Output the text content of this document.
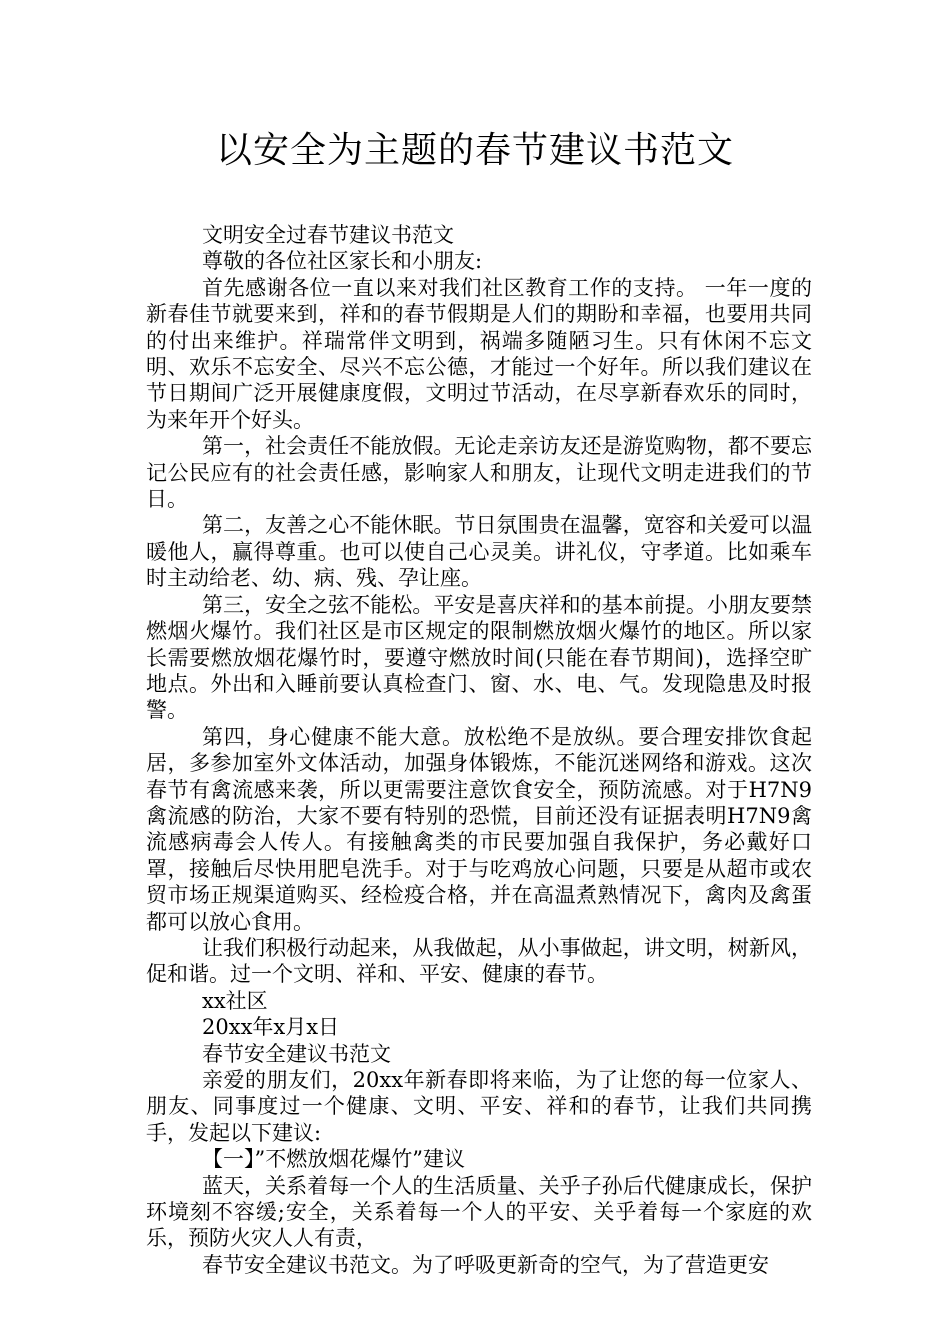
以安全为主题的春节建议书范文

文明安全过春节建议书范文

尊敬的各位社区家长和小朋友:

首先感谢各位一直以来对我们社区教育工作的支持。 一年一度的新春佳节就要来到，祥和的春节假期是人们的期盼和幸福，也要用共同的付出来维护。祥瑞常伴文明到，祸端多随陋习生。只有休闲不忘文明、欢乐不忘安全、尽兴不忘公德，才能过一个好年。所以我们建议在节日期间广泛开展健康度假，文明过节活动，在尽享新春欢乐的同时，为来年开个好头。

第一，社会责任不能放假。无论走亲访友还是游览购物，都不要忘记公民应有的社会责任感，影响家人和朋友，让现代文明走进我们的节日。

第二，友善之心不能休眠。节日氛围贵在温馨，宽容和关爱可以温暖他人，赢得尊重。也可以使自己心灵美。讲礼仪，守孝道。比如乘车时主动给老、幼、病、残、孕让座。

第三，安全之弦不能松。平安是喜庆祥和的基本前提。小朋友要禁燃烟火爆竹。我们社区是市区规定的限制燃放烟火爆竹的地区。所以家长需要燃放烟花爆竹时，要遵守燃放时间(只能在春节期间)，选择空旷地点。外出和入睡前要认真检查门、窗、水、电、气。发现隐患及时报警。

第四，身心健康不能大意。放松绝不是放纵。要合理安排饮食起居，多参加室外文体活动，加强身体锻炼，不能沉迷网络和游戏。这次春节有禽流感来袭，所以更需要注意饮食安全，预防流感。对于H7N9禽流感的防治，大家不要有特别的恐慌，目前还没有证据表明H7N9禽流感病毒会人传人。有接触禽类的市民要加强自我保护，务必戴好口罩，接触后尽快用肥皂洗手。对于与吃鸡放心问题，只要是从超市或农贸市场正规渠道购买、经检疫合格，并在高温煮熟情况下，禽肉及禽蛋都可以放心食用。

让我们积极行动起来，从我做起，从小事做起，讲文明，树新风，促和谐。过一个文明、祥和、平安、健康的春节。

xx社区

20xx年x月x日

春节安全建议书范文

亲爱的朋友们，20xx年新春即将来临，为了让您的每一位家人、朋友、同事度过一个健康、文明、平安、祥和的春节，让我们共同携手，发起以下建议:

【一】”不燃放烟花爆竹”建议

蓝天，关系着每一个人的生活质量、关乎子孙后代健康成长，保护环境刻不容缓;安全，关系着每一个人的平安、关乎着每一个家庭的欢乐，预防火灾人人有责，

春节安全建议书范文。为了呼吸更新奇的空气，为了营造更安
